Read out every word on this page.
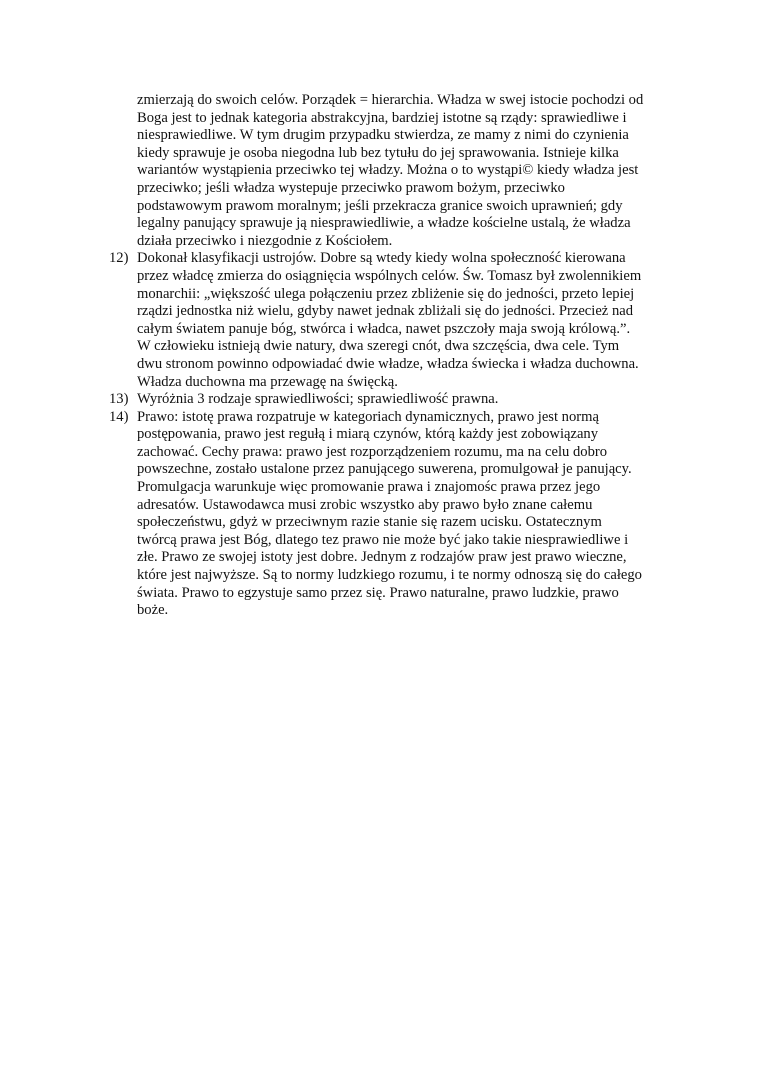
zmierzają do swoich celów. Porządek = hierarchia. Władza w swej istocie pochodzi od
Boga jest to jednak kategoria abstrakcyjna, bardziej istotne są rządy: sprawiedliwe i
niesprawiedliwe. W tym drugim przypadku stwierdza, ze mamy z nimi do czynienia
kiedy sprawuje je osoba niegodna lub bez tytułu do jej sprawowania. Istnieje kilka
wariantów wystąpienia przeciwko tej władzy. Można o to wystąpi© kiedy władza jest
przeciwko; jeśli władza wystepuje przeciwko prawom bożym, przeciwko
podstawowym prawom moralnym; jeśli przekracza granice swoich uprawnień; gdy
legalny panujący sprawuje ją niesprawiedliwie, a władze kościelne ustalą, że władza
działa przeciwko i niezgodnie z Kościołem.
12) Dokonał klasyfikacji ustrojów. Dobre są wtedy kiedy wolna społeczność kierowana
przez władcę zmierza do osiągnięcia wspólnych celów. Św. Tomasz był zwolennikiem
monarchii: „większość ulega połączeniu przez zbliżenie się do jedności, przeto lepiej
rządzi jednostka niż wielu, gdyby nawet jednak zbliżali się do jedności. Przecież nad
całym światem panuje bóg, stwórca i władca, nawet pszczoły maja swoją królową.”.
W człowieku istnieją dwie natury, dwa szeregi cnót, dwa szczęścia, dwa cele. Tym
dwu stronom powinno odpowiadać dwie władze, władza świecka i władza duchowna.
Władza duchowna ma przewagę na święcką.
13) Wyróżnia 3 rodzaje sprawiedliwości; sprawiedliwość prawna.
14) Prawo: istotę prawa rozpatruje w kategoriach dynamicznych, prawo jest normą
postępowania, prawo jest regułą i miarą czynów, którą każdy jest zobowiązany
zachować. Cechy prawa: prawo jest rozporządzeniem rozumu, ma na celu dobro
powszechne, zostało ustalone przez panującego suwerena, promulgował je panujący.
Promulgacja warunkuje więc promowanie prawa i znajomośc prawa przez jego
adresatów. Ustawodawca musi zrobic wszystko aby prawo było znane całemu
społeczeństwu, gdyż w przeciwnym razie stanie się razem ucisku. Ostatecznym
twórcą prawa jest Bóg, dlatego tez prawo nie może być jako takie niesprawiedliwe i
złe. Prawo ze swojej istoty jest dobre. Jednym z rodzajów praw jest prawo wieczne,
które jest najwyższe. Są to normy ludzkiego rozumu, i te normy odnoszą się do całego
świata. Prawo to egzystuje samo przez się. Prawo naturalne, prawo ludzkie, prawo
boże.
